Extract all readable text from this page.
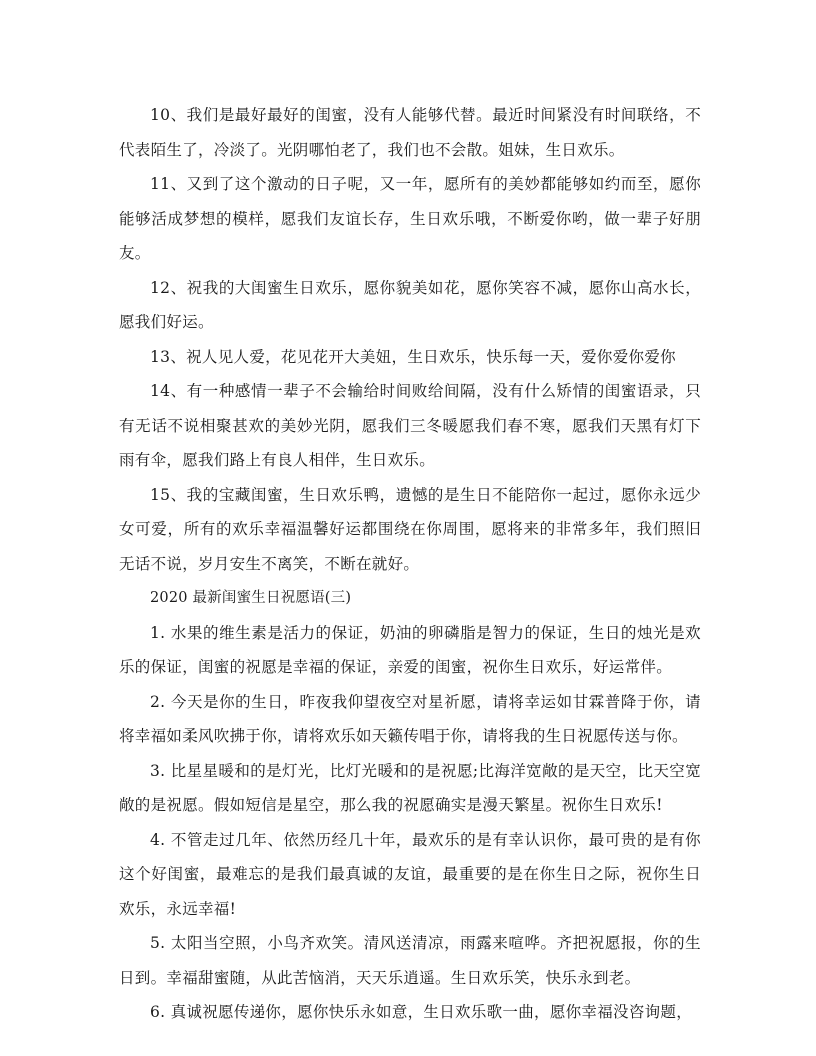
10、我们是最好最好的闺蜜，没有人能够代替。最近时间紧没有时间联络，不代表陌生了，冷淡了。光阴哪怕老了，我们也不会散。姐妹，生日欢乐。

11、又到了这个激动的日子呢，又一年，愿所有的美妙都能够如约而至，愿你能够活成梦想的模样，愿我们友谊长存，生日欢乐哦，不断爱你哟，做一辈子好朋友。

12、祝我的大闺蜜生日欢乐，愿你貌美如花，愿你笑容不减，愿你山高水长，愿我们好运。

13、祝人见人爱，花见花开大美妞，生日欢乐，快乐每一天，爱你爱你爱你

14、有一种感情一辈子不会输给时间败给间隔，没有什么矫情的闺蜜语录，只有无话不说相聚甚欢的美妙光阴，愿我们三冬暖愿我们春不寒，愿我们天黑有灯下雨有伞，愿我们路上有良人相伴，生日欢乐。

15、我的宝藏闺蜜，生日欢乐鸭，遗憾的是生日不能陪你一起过，愿你永远少女可爱，所有的欢乐幸福温馨好运都围绕在你周围，愿将来的非常多年，我们照旧无话不说，岁月安生不离笑，不断在就好。

2020 最新闺蜜生日祝愿语(三)

1. 水果的维生素是活力的保证，奶油的卵磷脂是智力的保证，生日的烛光是欢乐的保证，闺蜜的祝愿是幸福的保证，亲爱的闺蜜，祝你生日欢乐，好运常伴。

2. 今天是你的生日，昨夜我仰望夜空对星祈愿，请将幸运如甘霖普降于你，请将幸福如柔风吹拂于你，请将欢乐如天籁传唱于你，请将我的生日祝愿传送与你。

3. 比星星暖和的是灯光，比灯光暖和的是祝愿;比海洋宽敞的是天空，比天空宽敞的是祝愿。假如短信是星空，那么我的祝愿确实是漫天繁星。祝你生日欢乐!

4. 不管走过几年、依然历经几十年，最欢乐的是有幸认识你，最可贵的是有你这个好闺蜜，最难忘的是我们最真诚的友谊，最重要的是在你生日之际，祝你生日欢乐，永远幸福!

5. 太阳当空照，小鸟齐欢笑。清风送清凉，雨露来喧哗。齐把祝愿报，你的生日到。幸福甜蜜随，从此苦恼消，天天乐逍遥。生日欢乐笑，快乐永到老。

6. 真诚祝愿传递你，愿你快乐永如意，生日欢乐歌一曲，愿你幸福没咨询题，
